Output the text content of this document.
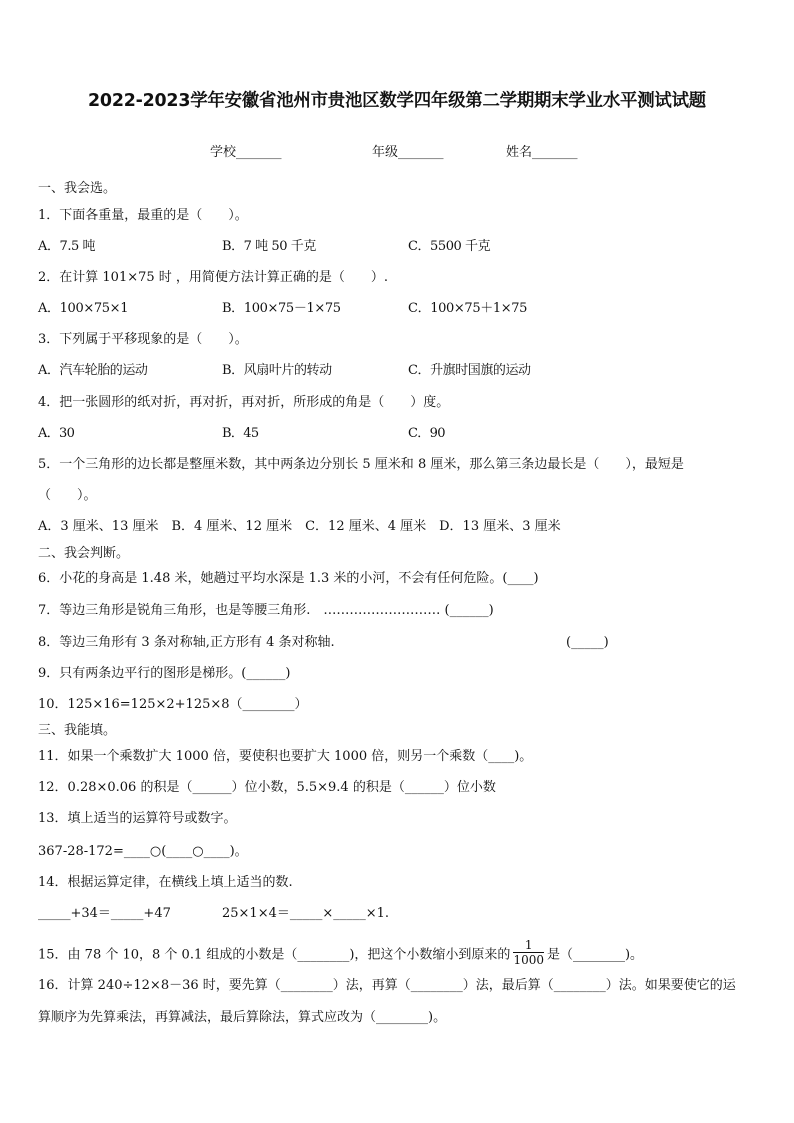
2022-2023学年安徽省池州市贵池区数学四年级第二学期期末学业水平测试试题
学校_______	年级_______	姓名_______
一、我会选。
1．下面各重量，最重的是（　　）。
A．7.5 吨	B．7 吨 50 千克	C．5500 千克
2．在计算 101×75 时 ，用简便方法计算正确的是（　　）.
A．100×75×1	B．100×75－1×75	C．100×75＋1×75
3．下列属于平移现象的是（　　）。
A．汽车轮胎的运动	B．风扇叶片的转动	C．升旗时国旗的运动
4．把一张圆形的纸对折，再对折，再对折，所形成的角是（　　）度。
A．30	B．45	C．90
5．一个三角形的边长都是整厘米数，其中两条边分别长 5 厘米和 8 厘米，那么第三条边最长是（　　），最短是
（　　）。
A．3 厘米、13 厘米　B．4 厘米、12 厘米　C．12 厘米、4 厘米　D．13 厘米、3 厘米
二、我会判断。
6．小花的身高是 1.48 米，她趟过平均水深是 1.3 米的小河，不会有任何危险。(____)
7．等边三角形是锐角三角形，也是等腰三角形.　……………………… (______)
8．等边三角形有 3 条对称轴,正方形有 4 条对称轴.	(_____)
9．只有两条边平行的图形是梯形。(______)
10．125×16=125×2+125×8（________）
三、我能填。
11．如果一个乘数扩大 1000 倍，要使积也要扩大 1000 倍，则另一个乘数（____)。
12．0.28×0.06 的积是（______）位小数，5.5×9.4 的积是（______）位小数
13．填上适当的运算符号或数字。
367-28-172=____○(____○____)。
14．根据运算定律，在横线上填上适当的数.
_____+34＝_____+47	25×1×4＝_____×_____×1.
15．由 78 个 10，8 个 0.1 组成的小数是（________)，把这个小数缩小到原来的 $\frac{1}{1000}$ 是（________)。
16．计算 240÷12×8－36 时，要先算（________）法，再算（________）法，最后算（________）法。如果要使它的运
算顺序为先算乘法，再算减法，最后算除法，算式应改为（________)。
